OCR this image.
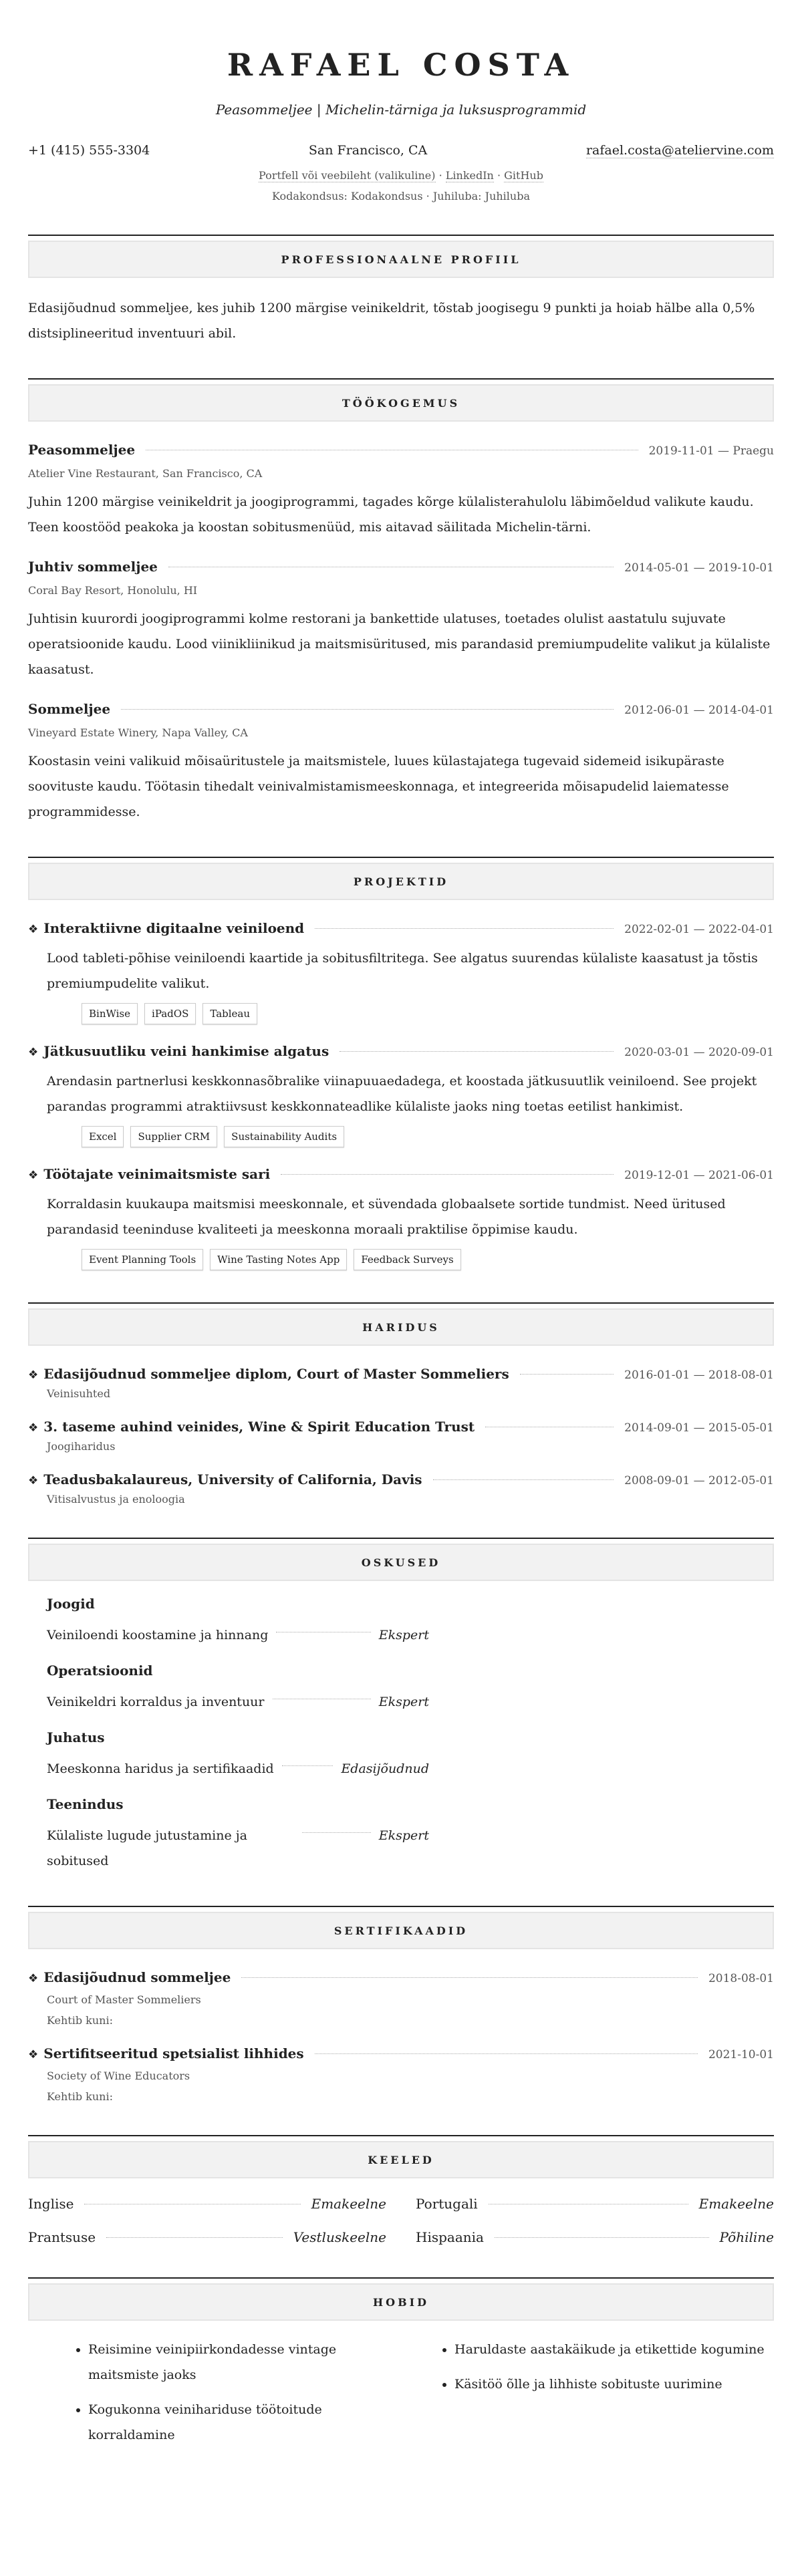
RAFAEL COSTA
Peasommeljee | Michelin-tärniga ja luksusprogrammid
+1 (415) 555-3304	San Francisco, CA	rafael.costa@ateliervine.com
Portfell või veebileht (valikuline) · LinkedIn · GitHub
Kodakondsus: Kodakondsus · Juhiluba: Juhiluba
PROFESSIONAALNE PROFIIL

Edasijõudnud sommeljee, kes juhib 1200 märgise veinikeldrit, tõstab joogisegu 9 punkti ja hoiab hälbe alla 0,5% distsiplineeritud inventuuri abil.

TÖÖKOGEMUS
Peasommeljee	2019-11-01 — Praegu
Atelier Vine Restaurant, San Francisco, CA

Juhin 1200 märgise veinikeldrit ja joogiprogrammi, tagades kõrge külalisterahulolu läbimõeldud valikute kaudu. Teen koostööd peakoka ja koostan sobitusmenüüd, mis aitavad säilitada Michelin-tärni.

Juhtiv sommeljee	2014-05-01 — 2019-10-01
Coral Bay Resort, Honolulu, HI

Juhtisin kuurordi joogiprogrammi kolme restorani ja bankettide ulatuses, toetades olulist aastatulu sujuvate operatsioonide kaudu. Lood viinikliinikud ja maitsmisüritused, mis parandasid premiumpudelite valikut ja külaliste kaasatust.

Sommeljee	2012-06-01 — 2014-04-01
Vineyard Estate Winery, Napa Valley, CA

Koostasin veini valikuid mõisaüritustele ja maitsmistele, luues külastajatega tugevaid sidemeid isikupäraste soovituste kaudu. Töötasin tihedalt veinivalmistamismeeskonnaga, et integreerida mõisapudelid laiematesse programmidesse.

PROJEKTID
❖ Interaktiivne digitaalne veiniloend	2022-02-01 — 2022-04-01

Lood tableti-põhise veiniloendi kaartide ja sobitusfiltritega. See algatus suurendas külaliste kaasatust ja tõstis premiumpudelite valikut.

BinWise	iPadOS	Tableau
❖ Jätkusuutliku veini hankimise algatus	2020-03-01 — 2020-09-01

Arendasin partnerlusi keskkonnasõbralike viinapuuaedadega, et koostada jätkusuutlik veiniloend. See projekt parandas programmi atraktiivsust keskkonnateadlike külaliste jaoks ning toetas eetilist hankimist.

Excel	Supplier CRM	Sustainability Audits
❖ Töötajate veinimaitsmiste sari	2019-12-01 — 2021-06-01

Korraldasin kuukaupa maitsmisi meeskonnale, et süvendada globaalsete sortide tundmist. Need üritused parandasid teeninduse kvaliteeti ja meeskonna moraali praktilise õppimise kaudu.

Event Planning Tools	Wine Tasting Notes App	Feedback Surveys
HARIDUS
❖ Edasijõudnud sommeljee diplom, Court of Master Sommeliers	2016-01-01 — 2018-08-01
Veinisuhted
❖ 3. taseme auhind veinides, Wine & Spirit Education Trust	2014-09-01 — 2015-05-01
Joogiharidus
❖ Teadusbakalaureus, University of California, Davis	2008-09-01 — 2012-05-01
Vitisalvustus ja enoloogia
OSKUSED
Joogid
Veiniloendi koostamine ja hinnang	Ekspert
Operatsioonid
Veinikeldri korraldus ja inventuur	Ekspert
Juhatus
Meeskonna haridus ja sertifikaadid	Edasijõudnud
Teenindus
Külaliste lugude jutustamine ja sobitused
Ekspert
SERTIFIKAADID
❖ Edasijõudnud sommeljee	2018-08-01
Court of Master Sommeliers
Kehtib kuni:
❖ Sertifitseeritud spetsialist lihhides	2021-10-01
Society of Wine Educators
Kehtib kuni:
KEELED
Inglise	Emakeelne Portugali	Emakeelne
Prantsuse	Vestluskeelne Hispaania	Põhiline
HOBID
• Reisimine veinipiirkondadesse vintage maitsmiste jaoks
• Kogukonna veinihariduse töötoitude korraldamine
• Haruldaste aastakäikude ja etikettide kogumine
• Käsitöö õlle ja lihhiste sobituste uurimine
